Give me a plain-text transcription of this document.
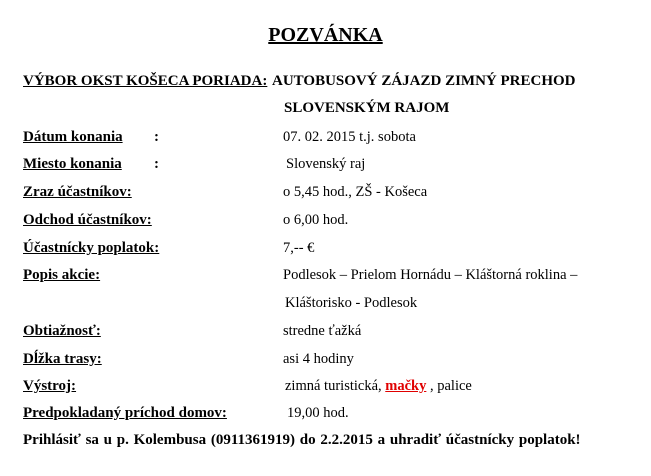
POZVÁNKA
VÝBOR OKST KOŠECA PORIADA: AUTOBUSOVÝ ZÁJAZD ZIMNÝ PRECHOD
SLOVENSKÝM RAJOM
Dátum konania :	07. 02. 2015 t.j. sobota
Miesto konania :	Slovenský raj
Zraz účastníkov:	o 5,45 hod., ZŠ - Košeca
Odchod účastníkov:	o 6,00 hod.
Účastnícky poplatok:	7,-- €
Popis akcie:	Podlesok – Prielom Hornádu – Kláštorná roklina –
Kláštorisko - Podlesok
Obtiažnosť:	stredne ťažká
Dĺžka trasy:	asi 4 hodiny
Výstroj:	zimná turistická, mačky , palice
Predpokladaný príchod domov:	19,00 hod.
Prihlásiť sa u p. Kolembusa (0911361919) do 2.2.2015 a uhradiť účastnícky poplatok!
